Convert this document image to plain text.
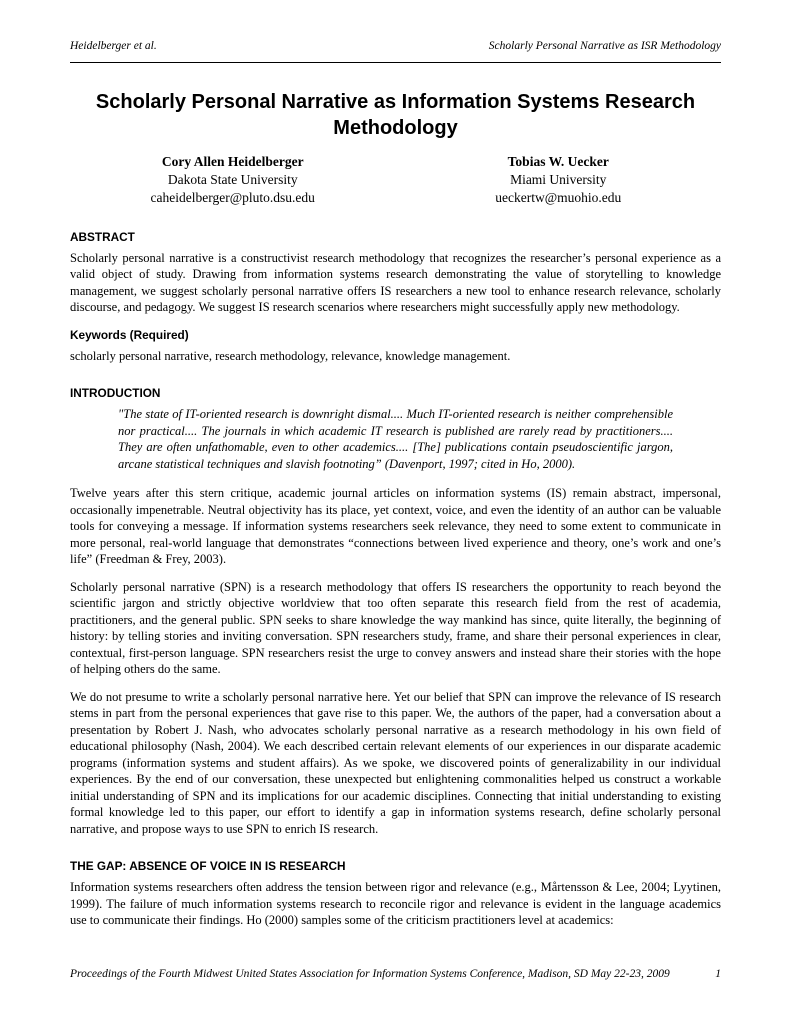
Heidelberger et al.	Scholarly Personal Narrative as ISR Methodology
Scholarly Personal Narrative as Information Systems Research Methodology
Cory Allen Heidelberger
Dakota State University
caheidelberger@pluto.dsu.edu
Tobias W. Uecker
Miami University
ueckertw@muohio.edu
ABSTRACT

Scholarly personal narrative is a constructivist research methodology that recognizes the researcher’s personal experience as a valid object of study. Drawing from information systems research demonstrating the value of storytelling to knowledge management, we suggest scholarly personal narrative offers IS researchers a new tool to enhance research relevance, scholarly discourse, and pedagogy. We suggest IS research scenarios where researchers might successfully apply new methodology.

Keywords (Required)

scholarly personal narrative, research methodology, relevance, knowledge management.

INTRODUCTION

"The state of IT-oriented research is downright dismal.... Much IT-oriented research is neither comprehensible nor practical.... The journals in which academic IT research is published are rarely read by practitioners.... They are often unfathomable, even to other academics.... [The] publications contain pseudoscientific jargon, arcane statistical techniques and slavish footnoting” (Davenport, 1997; cited in Ho, 2000).

Twelve years after this stern critique, academic journal articles on information systems (IS) remain abstract, impersonal, occasionally impenetrable. Neutral objectivity has its place, yet context, voice, and even the identity of an author can be valuable tools for conveying a message. If information systems researchers seek relevance, they need to some extent to communicate in more personal, real-world language that demonstrates “connections between lived experience and theory, one’s work and one’s life” (Freedman & Frey, 2003).

Scholarly personal narrative (SPN) is a research methodology that offers IS researchers the opportunity to reach beyond the scientific jargon and strictly objective worldview that too often separate this research field from the rest of academia, practitioners, and the general public. SPN seeks to share knowledge the way mankind has since, quite literally, the beginning of history: by telling stories and inviting conversation. SPN researchers study, frame, and share their personal experiences in clear, contextual, first-person language. SPN researchers resist the urge to convey answers and instead share their stories with the hope of helping others do the same.

We do not presume to write a scholarly personal narrative here. Yet our belief that SPN can improve the relevance of IS research stems in part from the personal experiences that gave rise to this paper. We, the authors of the paper, had a conversation about a presentation by Robert J. Nash, who advocates scholarly personal narrative as a research methodology in his own field of educational philosophy (Nash, 2004). We each described certain relevant elements of our experiences in our disparate academic programs (information systems and student affairs). As we spoke, we discovered points of generalizability in our individual experiences. By the end of our conversation, these unexpected but enlightening commonalities helped us construct a workable initial understanding of SPN and its implications for our academic disciplines. Connecting that initial understanding to existing formal knowledge led to this paper, our effort to identify a gap in information systems research, define scholarly personal narrative, and propose ways to use SPN to enrich IS research.

THE GAP: ABSENCE OF VOICE IN IS RESEARCH

Information systems researchers often address the tension between rigor and relevance (e.g., Mårtensson & Lee, 2004; Lyytinen, 1999). The failure of much information systems research to reconcile rigor and relevance is evident in the language academics use to communicate their findings. Ho (2000) samples some of the criticism practitioners level at academics:

Proceedings of the Fourth Midwest United States Association for Information Systems Conference, Madison, SD May 22-23, 2009	1
